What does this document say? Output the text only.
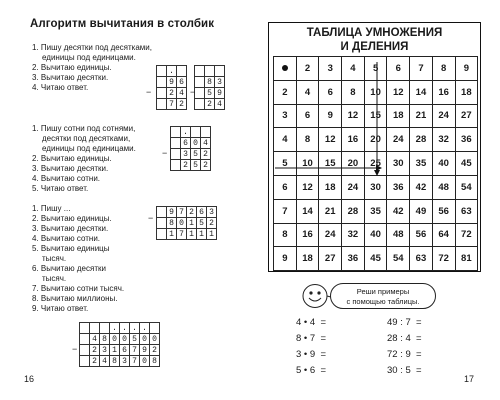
Алгоритм вычитания в столбик
1. Пишу десятки под десятками,
единицы под единицами.
2. Вычитаю единицы.
3. Вычитаю десятки.
4. Читаю ответ.
	.					
	9	6			8	3
	2	4			5	9
	7	2			2	4
−	−
1. Пишу сотни под сотнями,
десятки под десятками,
единицы под единицами.
2. Вычитаю единицы.
3. Вычитаю десятки.
4. Вычитаю сотни.
5. Читаю ответ.
	.		
	6	0	4
	3	5	2
	2	5	2
−
1. Пишу ...
2. Вычитаю единицы.
3. Вычитаю десятки.
4. Вычитаю сотни.
5. Вычитаю единицы
тысяч.
6. Вычитаю десятки
тысяч.
7. Вычитаю сотни тысяч.
8. Вычитаю миллионы.
9. Читаю ответ.
	9	7	2	6	3
	8	0	1	5	2
	1	7	1	1	1
−
			.	.	.	.	
	4	8	0	0	5	0	0
	2	3	1	6	7	9	2
	2	4	8	3	7	0	8
−
16
ТАБЛИЦА УМНОЖЕНИЯ
И ДЕЛЕНИЯ
	2	3	4	5	6	7	8	9
2	4	6	8	10	12	14	16	18
3	6	9	12	15	18	21	24	27
4	8	12	16	20	24	28	32	36
5	10	15	20	25	30	35	40	45
6	12	18	24	30	36	42	48	54
7	14	21	28	35	42	49	56	63
8	16	24	32	40	48	56	64	72
9	18	27	36	45	54	63	72	81
Реши примеры
с помощью таблицы.
4 • 4  =
8 • 7  =
3 • 9  =
5 • 6  =
49 : 7  =
28 : 4  =
72 : 9  =
30 : 5  =
17
